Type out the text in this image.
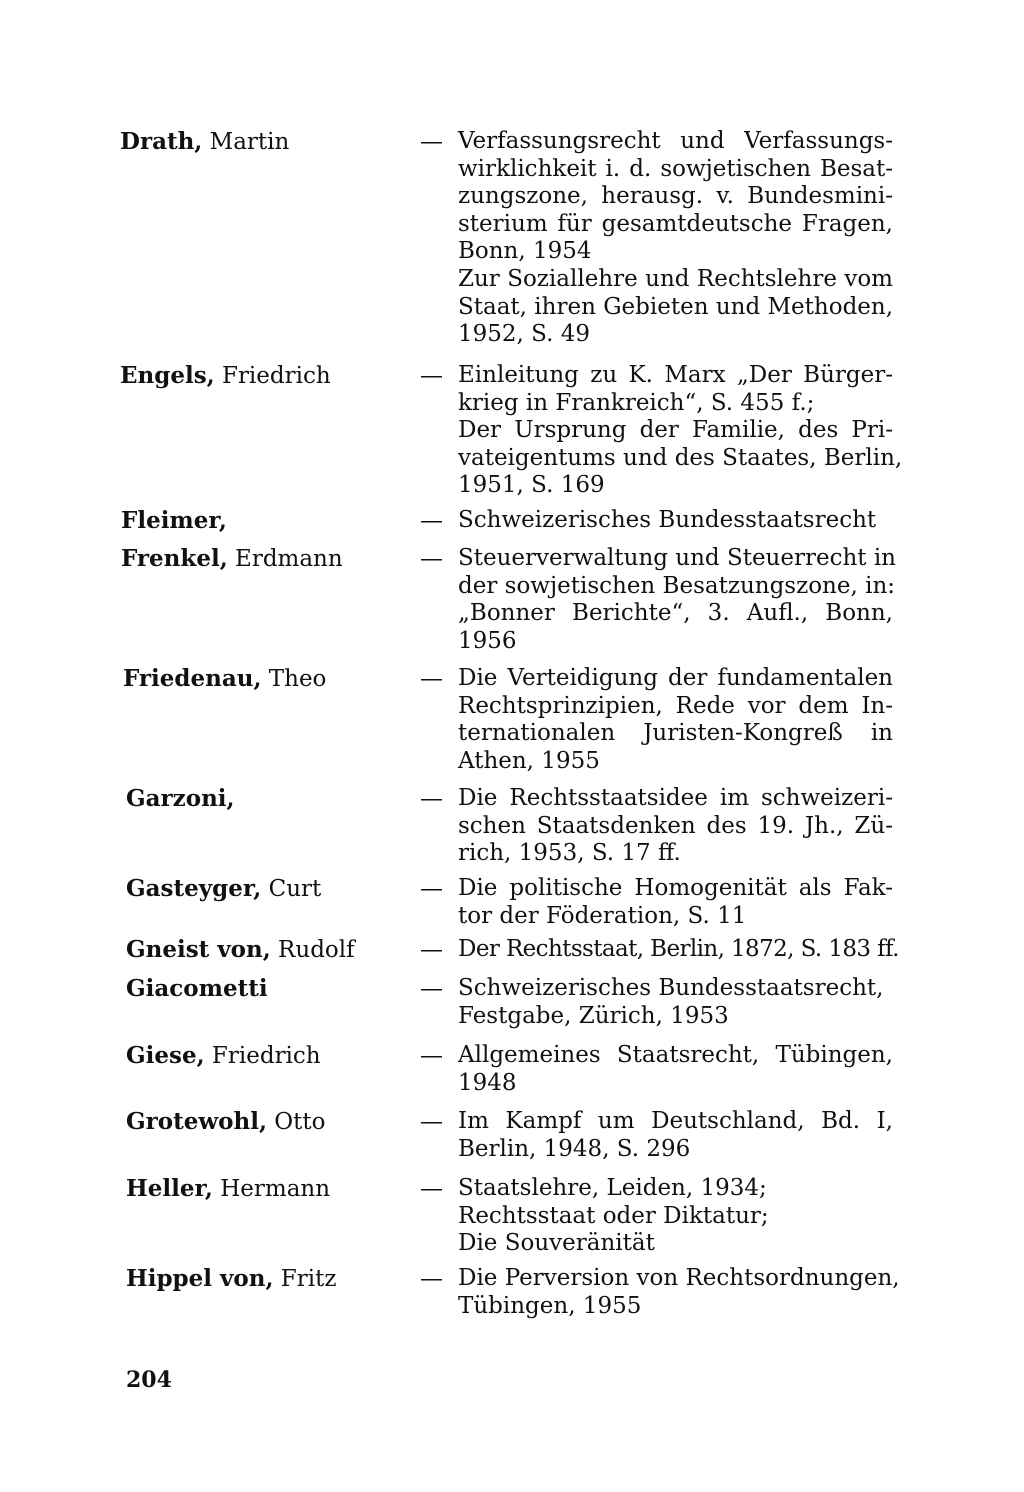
Drath, Martin	— Verfassungsrecht und Verfassungs-
wirklichkeit i. d. sowjetischen Besat-
zungszone, herausg. v. Bundesmini-
sterium für gesamtdeutsche Fragen,
Bonn, 1954
Zur Soziallehre und Rechtslehre vom
Staat, ihren Gebieten und Methoden,
1952, S. 49
Engels, Friedrich	— Einleitung zu K. Marx „Der Bürger-
krieg in Frankreich“, S. 455 f.;
Der Ursprung der Familie, des Pri-
vateigentums und des Staates, Berlin,
1951, S. 169
Fleimer,	— Schweizerisches Bundesstaatsrecht
Frenkel, Erdmann	— Steuerverwaltung und Steuerrecht in
der sowjetischen Besatzungszone, in:
„Bonner Berichte“, 3. Aufl., Bonn,
1956
Friedenau, Theo	— Die Verteidigung der fundamentalen
Rechtsprinzipien, Rede vor dem In-
ternationalen Juristen-Kongreß in
Athen, 1955
Garzoni,	— Die Rechtsstaatsidee im schweizeri-
schen Staatsdenken des 19. Jh., Zü-
rich, 1953, S. 17 ff.
Gasteyger, Curt	— Die politische Homogenität als Fak-
tor der Föderation, S. 11
Gneist von, Rudolf	— Der Rechtsstaat, Berlin, 1872, S. 183 ff.
Giacometti	— Schweizerisches Bundesstaatsrecht,
Festgabe, Zürich, 1953
Giese, Friedrich	— Allgemeines Staatsrecht, Tübingen,
1948
Grotewohl, Otto	— Im Kampf um Deutschland, Bd. I,
Berlin, 1948, S. 296
Heller, Hermann	— Staatslehre, Leiden, 1934;
Rechtsstaat oder Diktatur;
Die Souveränität
Hippel von, Fritz	— Die Perversion von Rechtsordnungen,
Tübingen, 1955
204
